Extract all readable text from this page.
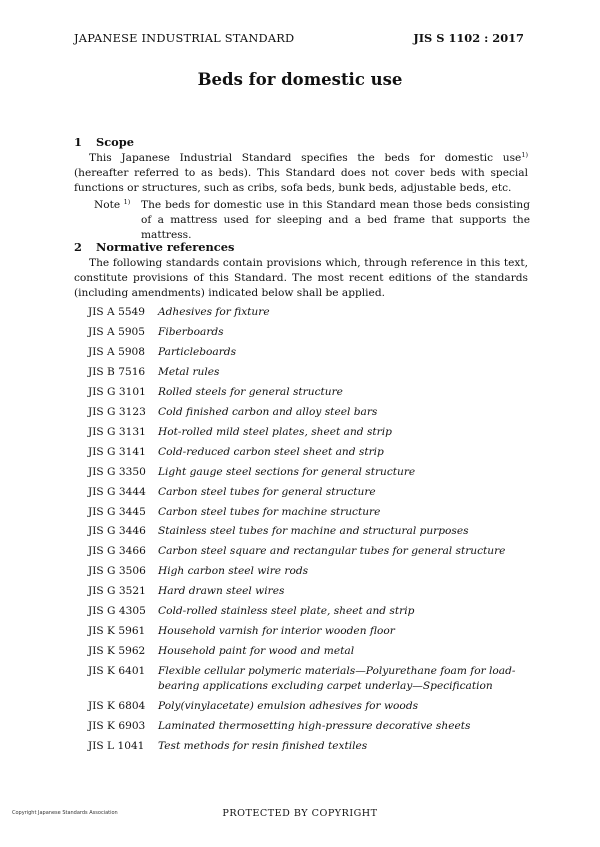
JAPANESE INDUSTRIAL STANDARD	JIS S 1102 : 2017
Beds for domestic use
1 Scope
This Japanese Industrial Standard specifies the beds for domestic use$^{1)}$ (hereafter referred to as beds). This Standard does not cover beds with special functions or structures, such as cribs, sofa beds, bunk beds, adjustable beds, etc.
Note $^{1)}$	The beds for domestic use in this Standard mean those beds consisting of a mattress used for sleeping and a bed frame that supports the mattress.
2 Normative references
The following standards contain provisions which, through reference in this text, constitute provisions of this Standard. The most recent editions of the standards (including amendments) indicated below shall be applied.
JIS A 5549	Adhesives for fixture
JIS A 5905	Fiberboards
JIS A 5908	Particleboards
JIS B 7516	Metal rules
JIS G 3101	Rolled steels for general structure
JIS G 3123	Cold finished carbon and alloy steel bars
JIS G 3131	Hot-rolled mild steel plates, sheet and strip
JIS G 3141	Cold-reduced carbon steel sheet and strip
JIS G 3350	Light gauge steel sections for general structure
JIS G 3444	Carbon steel tubes for general structure
JIS G 3445	Carbon steel tubes for machine structure
JIS G 3446	Stainless steel tubes for machine and structural purposes
JIS G 3466	Carbon steel square and rectangular tubes for general structure
JIS G 3506	High carbon steel wire rods
JIS G 3521	Hard drawn steel wires
JIS G 4305	Cold-rolled stainless steel plate, sheet and strip
JIS K 5961	Household varnish for interior wooden floor
JIS K 5962	Household paint for wood and metal
JIS K 6401	Flexible cellular polymeric materials—Polyurethane foam for load-bearing applications excluding carpet underlay—Specification
JIS K 6804	Poly(vinylacetate) emulsion adhesives for woods
JIS K 6903	Laminated thermosetting high-pressure decorative sheets
JIS L 1041	Test methods for resin finished textiles
Copyright Japanese Standards Association	PROTECTED BY COPYRIGHT
